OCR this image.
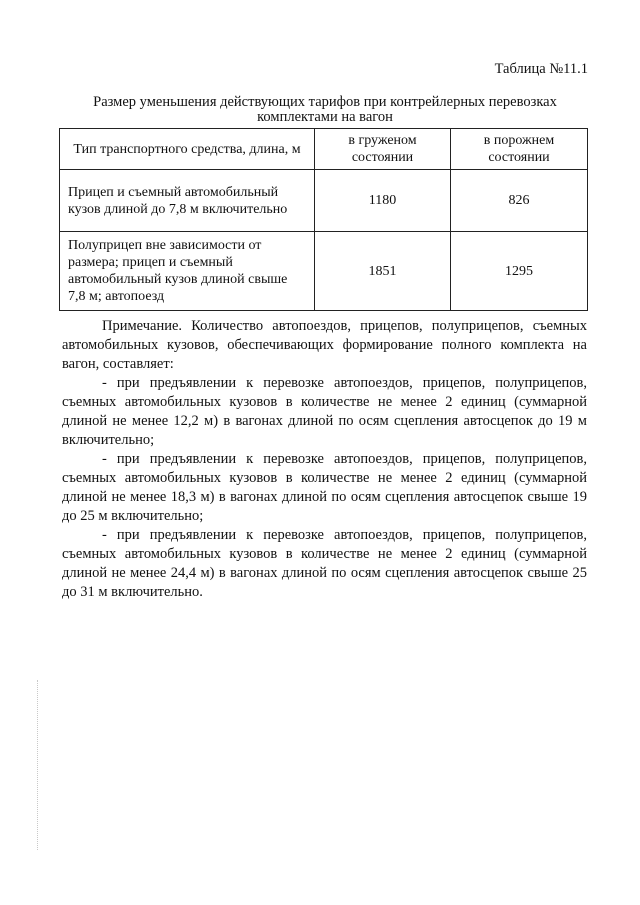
Таблица №11.1
Размер уменьшения действующих тарифов при контрейлерных перевозках комплектами на вагон
Тип транспортного средства, длина, м	в груженом состоянии	в порожнем состоянии
Прицеп и съемный автомобильный кузов длиной до 7,8 м включительно	1180	826
Полуприцеп вне зависимости от размера; прицеп и съемный автомобильный кузов длиной свыше 7,8 м; автопоезд	1851	1295

Примечание. Количество автопоездов, прицепов, полуприцепов, съемных автомобильных кузовов, обеспечивающих формирование полного комплекта на вагон, составляет:

- при предъявлении к перевозке автопоездов, прицепов, полуприцепов, съемных автомобильных кузовов в количестве не менее 2 единиц (суммарной длиной не менее 12,2 м) в вагонах длиной по осям сцепления автосцепок до 19 м включительно;

- при предъявлении к перевозке автопоездов, прицепов, полуприцепов, съемных автомобильных кузовов в количестве не менее 2 единиц (суммарной длиной не менее 18,3 м) в вагонах длиной по осям сцепления автосцепок свыше 19 до 25 м включительно;

- при предъявлении к перевозке автопоездов, прицепов, полуприцепов, съемных автомобильных кузовов в количестве не менее 2 единиц (суммарной длиной не менее 24,4 м) в вагонах длиной по осям сцепления автосцепок свыше 25 до 31 м включительно.
